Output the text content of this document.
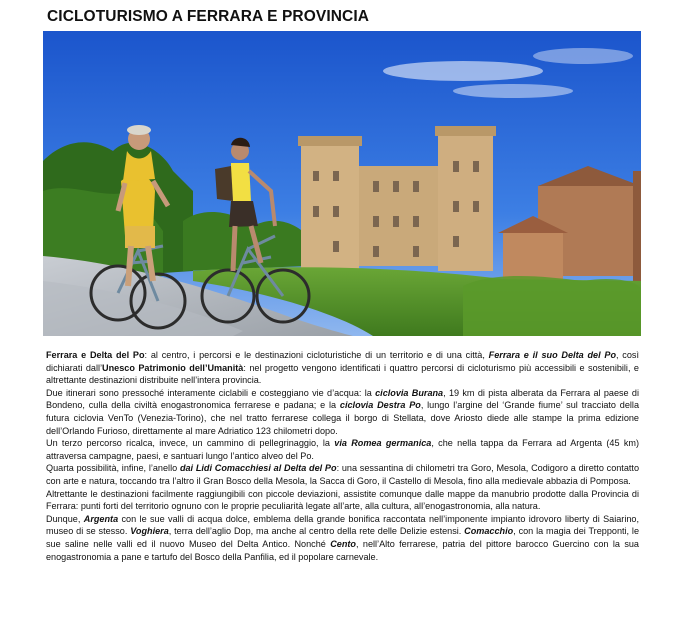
CICLOTURISMO A FERRARA E PROVINCIA

Ferrara e Delta del Po: al centro, i percorsi e le destinazioni cicloturistiche di un territorio e di una città, Ferrara e il suo Delta del Po, così dichiarati dall’Unesco Patrimonio dell’Umanità: nel progetto vengono identificati i quattro percorsi di cicloturismo più accessibili e sostenibili, e altrettante destinazioni distribuite nell’intera provincia.

Due itinerari sono pressoché interamente ciclabili e costeggiano vie d’acqua: la ciclovia Burana, 19 km di pista alberata da Ferrara al paese di Bondeno, culla della civiltà enogastronomica ferrarese e padana; e la ciclovia Destra Po, lungo l’argine del ‘Grande fiume’ sul tracciato della futura ciclovia VenTo (Venezia-Torino), che nel tratto ferrarese collega il borgo di Stellata, dove Ariosto diede alle stampe la prima edizione dell’Orlando Furioso, direttamente al mare Adriatico 123 chilometri dopo.

Un terzo percorso ricalca, invece, un cammino di pellegrinaggio, la via Romea germanica, che nella tappa da Ferrara ad Argenta (45 km) attraversa campagne, paesi, e santuari lungo l’antico alveo del Po.

Quarta possibilità, infine, l’anello dai Lidi Comacchiesi al Delta del Po: una sessantina di chilometri tra Goro, Mesola, Codigoro a diretto contatto con arte e natura, toccando tra l’altro il Gran Bosco della Mesola, la Sacca di Goro, il Castello di Mesola, fino alla medievale abbazia di Pomposa.

Altrettante le destinazioni facilmente raggiungibili con piccole deviazioni, assistite comunque dalle mappe da manubrio prodotte dalla Provincia di Ferrara: punti forti del territorio ognuno con le proprie peculiarità legate all’arte, alla cultura, all’enogastronomia, alla natura.

Dunque, Argenta con le sue valli di acqua dolce, emblema della grande bonifica raccontata nell’imponente impianto idrovoro liberty di Saiarino, museo di se stesso. Voghiera, terra dell’aglio Dop, ma anche al centro della rete delle Delizie estensi. Comacchio, con la magia dei Trepponti, le sue saline nelle valli ed il nuovo Museo del Delta Antico. Nonché Cento, nell’Alto ferrarese, patria del pittore barocco Guercino con la sua enogastronomia a pane e tartufo del Bosco della Panfilia, ed il popolare carnevale.
